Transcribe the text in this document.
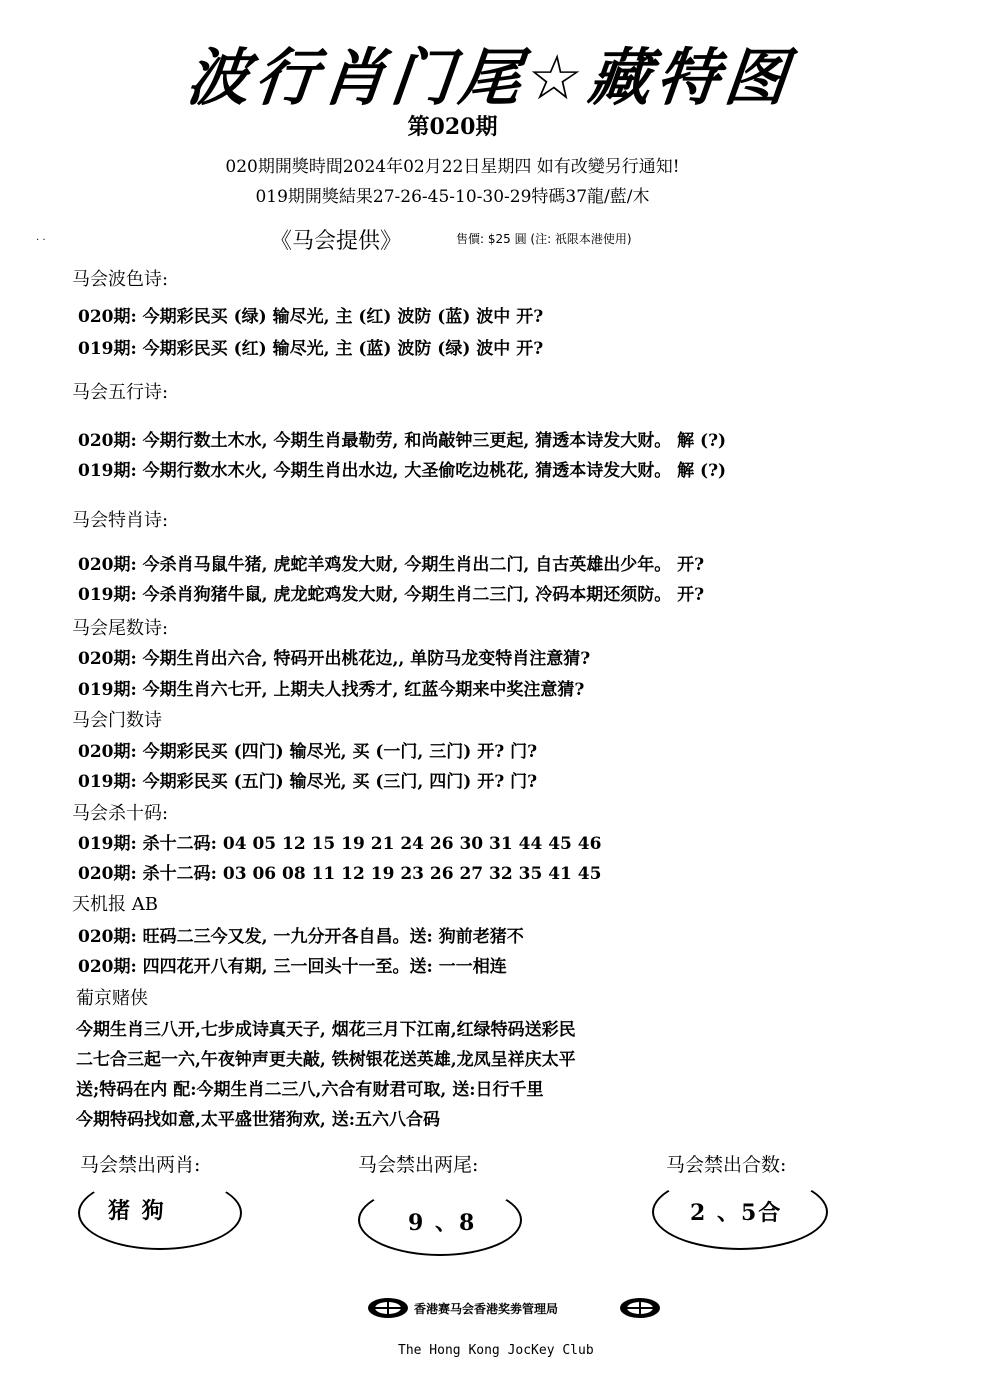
波行肖门尾☆藏特图
第020期
020期開獎時間2024年02月22日星期四 如有改變另行通知!
019期開獎結果27-26-45-10-30-29特碼37龍/藍/木
. .	《马会提供》	售價: $25 圓 (注: 祇限本港使用)
马会波色诗:
020期: 今期彩民买 (绿) 输尽光, 主 (红) 波防 (蓝) 波中 开?
019期: 今期彩民买 (红) 输尽光, 主 (蓝) 波防 (绿) 波中 开?
马会五行诗:
020期: 今期行数土木水, 今期生肖最勒劳, 和尚敲钟三更起, 猜透本诗发大财。 解 (?)
019期: 今期行数水木火, 今期生肖出水边, 大圣偷吃边桃花, 猜透本诗发大财。 解 (?)
马会特肖诗:
020期: 今杀肖马鼠牛猪, 虎蛇羊鸡发大财, 今期生肖出二门, 自古英雄出少年。 开?
019期: 今杀肖狗猪牛鼠, 虎龙蛇鸡发大财, 今期生肖二三门, 冷码本期还须防。 开?
马会尾数诗:
020期: 今期生肖出六合, 特码开出桃花边,, 单防马龙变特肖注意猜?
019期: 今期生肖六七开, 上期夫人找秀才, 红蓝今期来中奖注意猜?
马会门数诗
020期: 今期彩民买 (四门) 输尽光, 买 (一门, 三门) 开? 门?
019期: 今期彩民买 (五门) 输尽光, 买 (三门, 四门) 开? 门?
马会杀十码:
019期: 杀十二码: 04 05 12 15 19 21 24 26 30 31 44 45 46
020期: 杀十二码: 03 06 08 11 12 19 23 26 27 32 35 41 45
天机报 AB
020期: 旺码二三今又发, 一九分开各自昌。送: 狗前老猪不
020期: 四四花开八有期, 三一回头十一至。送: 一一相连
葡京赌侠
今期生肖三八开,七步成诗真天子, 烟花三月下江南,红绿特码送彩民
二七合三起一六,午夜钟声更夫敲, 铁树银花送英雄,龙凤呈祥庆太平
送;特码在内 配:今期生肖二三八,六合有财君可取, 送:日行千里
今期特码找如意,太平盛世猪狗欢, 送:五六八合码
马会禁出两肖:	马会禁出两尾:	马会禁出合数:
猪 狗	9 、8	2 、5合
香港赛马会香港奖劵管理局
The Hong Kong JocKey Club
